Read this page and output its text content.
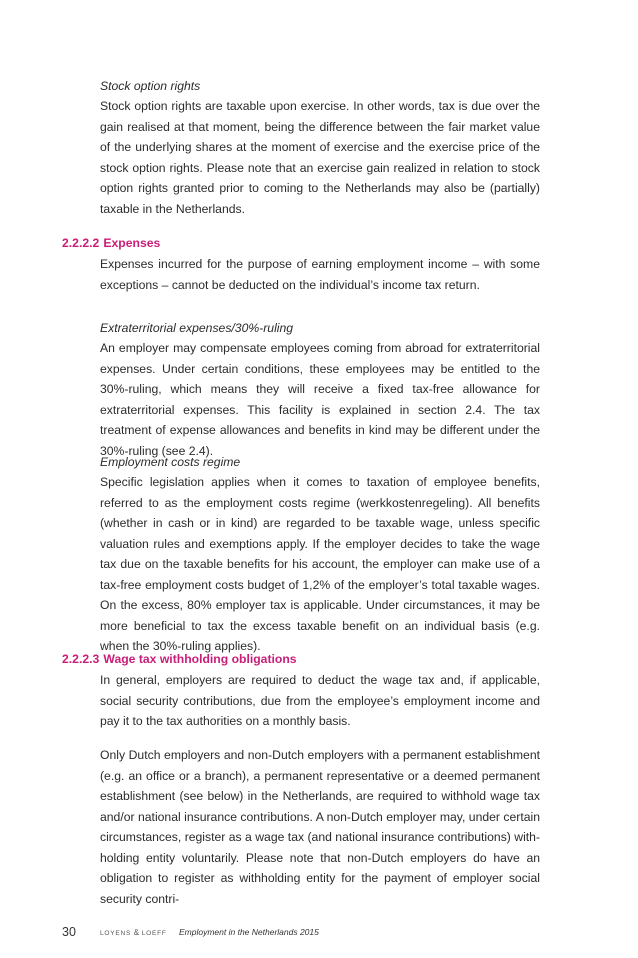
Stock option rights

Stock option rights are taxable upon exercise. In other words, tax is due over the gain realised at that moment, being the difference between the fair market value of the underlying shares at the moment of exercise and the exercise price of the stock option rights. Please note that an exercise gain realized in relation to stock option rights granted prior to coming to the Netherlands may also be (partially) taxable in the Netherlands.

2.2.2.2 Expenses

Expenses incurred for the purpose of earning employment income – with some exceptions – cannot be deducted on the individual’s income tax return.

Extraterritorial expenses/30%-ruling

An employer may compensate employees coming from abroad for extraterritorial expenses. Under certain conditions, these employees may be entitled to the 30%-ruling, which means they will receive a fixed tax-free allowance for extraterritorial expenses. This facility is explained in section 2.4. The tax treatment of expense allowances and benefits in kind may be different under the 30%-ruling (see 2.4).

Employment costs regime

Specific legislation applies when it comes to taxation of employee benefits, referred to as the employment costs regime (werkkostenregeling). All benefits (whether in cash or in kind) are regarded to be taxable wage, unless specific valuation rules and exemptions apply. If the employer decides to take the wage tax due on the taxable benefits for his account, the employer can make use of a tax-free employment costs budget of 1,2% of the employer’s total taxable wages. On the excess, 80% employer tax is applicable. Under circumstances, it may be more beneficial to tax the excess taxable benefit on an individual basis (e.g. when the 30%-ruling applies).

2.2.2.3 Wage tax withholding obligations

In general, employers are required to deduct the wage tax and, if applicable, social security contributions, due from the employee’s employment income and pay it to the tax authorities on a monthly basis.

Only Dutch employers and non-Dutch employers with a permanent establishment (e.g. an office or a branch), a permanent representative or a deemed permanent establishment (see below) in the Netherlands, are required to withhold wage tax and/or national insurance contributions. A non-Dutch employer may, under certain circumstances, register as a wage tax (and national insurance contributions) with-holding entity voluntarily. Please note that non-Dutch employers do have an obligation to register as withholding entity for the payment of employer social security contri-

30	LOYENS & LOEFF Employment in the Netherlands 2015
